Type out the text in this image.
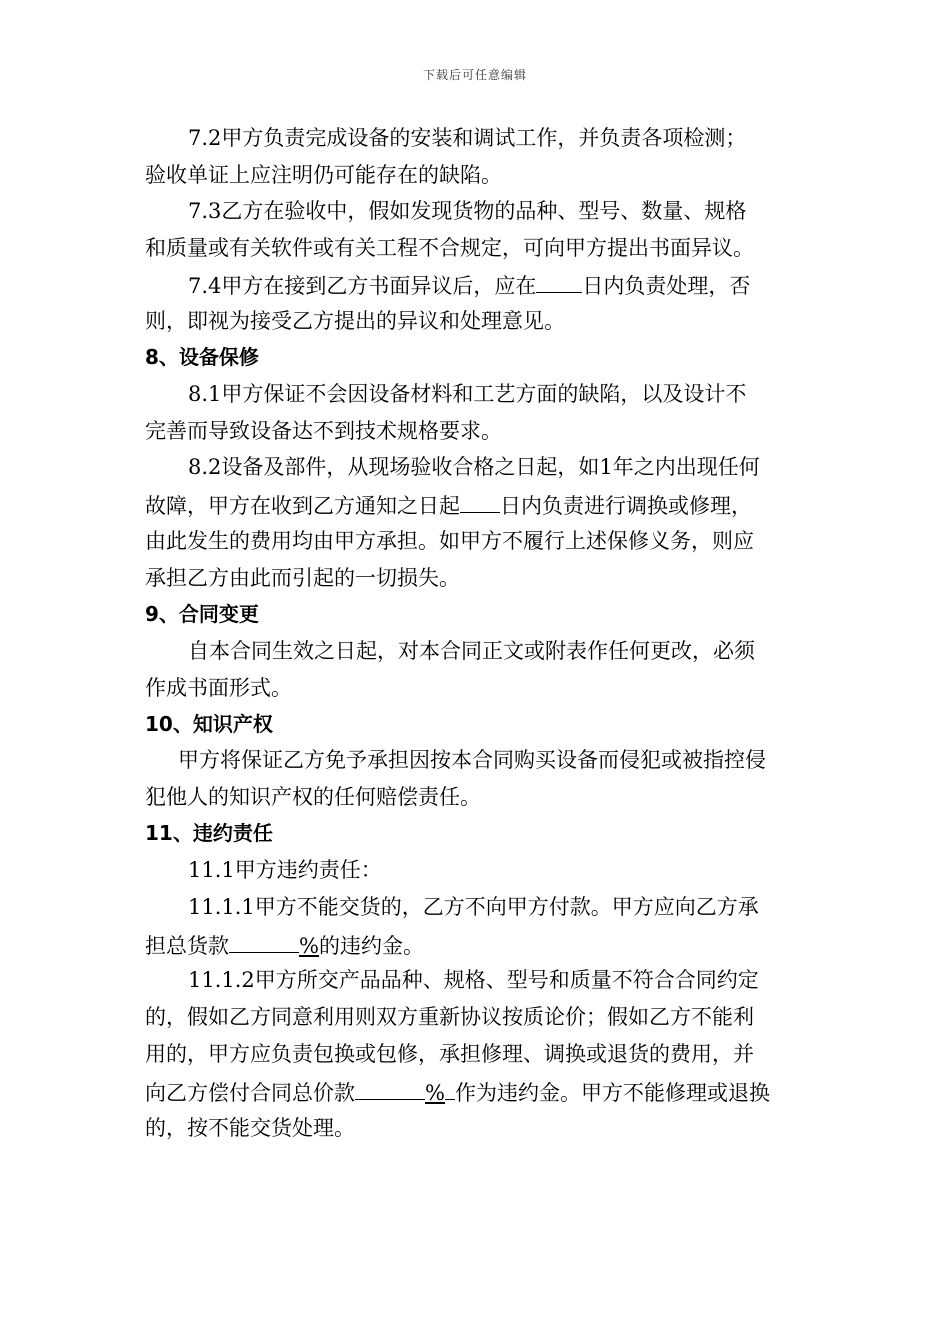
下载后可任意编辑
7.2甲方负责完成设备的安装和调试工作，并负责各项检测；
验收单证上应注明仍可能存在的缺陷。
7.3乙方在验收中，假如发现货物的品种、型号、数量、规格
和质量或有关软件或有关工程不合规定，可向甲方提出书面异议。
7.4甲方在接到乙方书面异议后，应在 日内负责处理，否
则，即视为接受乙方提出的异议和处理意见。
8、设备保修
8.1甲方保证不会因设备材料和工艺方面的缺陷，以及设计不
完善而导致设备达不到技术规格要求。
8.2设备及部件，从现场验收合格之日起，如1年之内出现任何
故障，甲方在收到乙方通知之日起 日内负责进行调换或修理，
由此发生的费用均由甲方承担。如甲方不履行上述保修义务，则应
承担乙方由此而引起的一切损失。
9、合同变更
自本合同生效之日起，对本合同正文或附表作任何更改，必须
作成书面形式。
10、知识产权
甲方将保证乙方免予承担因按本合同购买设备而侵犯或被指控侵
犯他人的知识产权的任何赔偿责任。
11、违约责任
11.1甲方违约责任：
11.1.1甲方不能交货的，乙方不向甲方付款。甲方应向乙方承
担总货款	%的违约金。
11.1.2甲方所交产品品种、规格、型号和质量不符合合同约定
的，假如乙方同意利用则双方重新协议按质论价；假如乙方不能利
用的，甲方应负责包换或包修，承担修理、调换或退货的费用，并
向乙方偿付合同总价款	% 作为违约金。甲方不能修理或退换
的，按不能交货处理。
